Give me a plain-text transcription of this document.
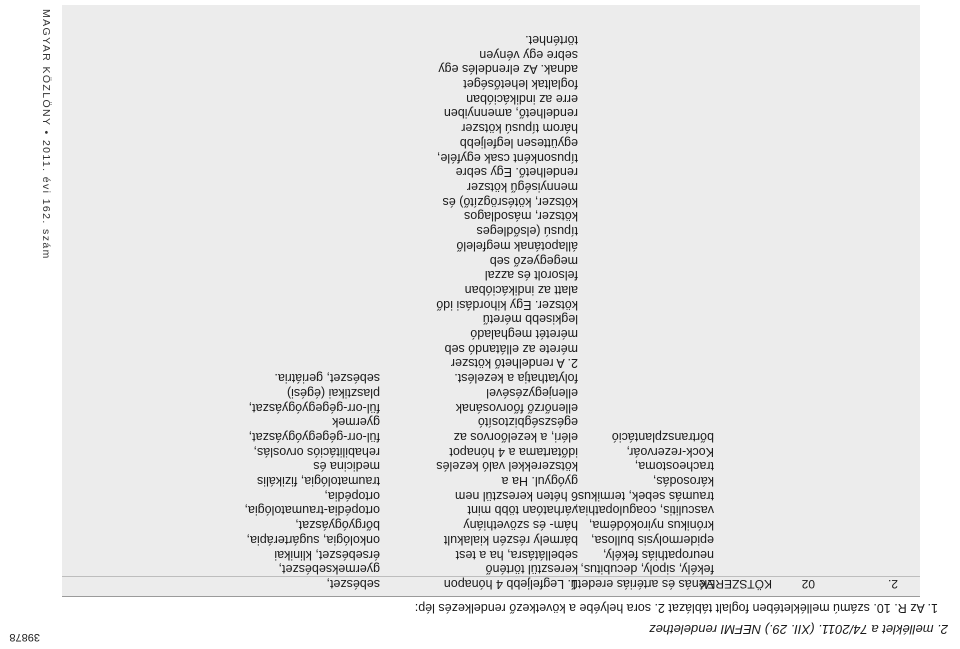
39878	2. melléklet a 74/2011. (XII. 29.) NEFMI rendelethez
1. Az R. 10. számú mellékletében foglalt táblázat 2. sora helyébe a következő rendelkezés lép:
MAGYAR KÖZLÖNY • 2011. évi 162. szám
2.
02
KÖTSZEREK
Vénás és artériás eredetű
fekély, sipoly, decubitus,
neuropathiás fekély,
epidermolysis bullosa,
krónikus nyirokódéma,
vasculitis, coagulopathia,
traumás sebek, termikus
károsodás,
tracheostoma,
Kock-rezervoár,
bőrtranszplantáció
1. Legfeljebb 4 hónapon
keresztül történő
sebellátásra, ha a test
bármely részén kialakult
hám- és szövethiány
várhatóan több mint
6 héten keresztül nem
gyógyul. Ha a
kötszerekkel való kezelés
időtartama a 4 hónapot
eléri, a kezelőorvos az
egészségbiztosító
ellenőrző főorvosának
ellenjegyzésével
folytathatja a kezelést.
2. A rendelhető kötszer
mérete az ellátandó seb
méretét meghaladó
legkisebb méretű
kötszer. Egy kihordási idő
alatt az indikációban
felsorolt és azzal
megegyező seb
állapotának megfelelő
típusú (elsődleges
kötszer, másodlagos
kötszer, kötésrögzítő) és
mennyiségű kötszer
rendelhető. Egy sebre
típusonként csak egyféle,
együttesen legfeljebb
három típusú kötszer
rendelhető, amennyiben
erre az indikációban
foglaltak lehetőséget
adnak. Az elrendelés egy
sebre egy vényen
történhet.
sebészet,
gyermeksebészet,
érsebészet, klinikai
onkológia, sugárterápia,
bőrgyógyászat,
ortopédia-traumatológia,
ortopédia,
traumatológia, fizikális
medicina és
rehabilitációs orvoslás,
fül-orr-gégegyógyászat,
gyermek
fül-orr-gégegyógyászat,
plasztikai (égési)
sebészet, geriátria.
